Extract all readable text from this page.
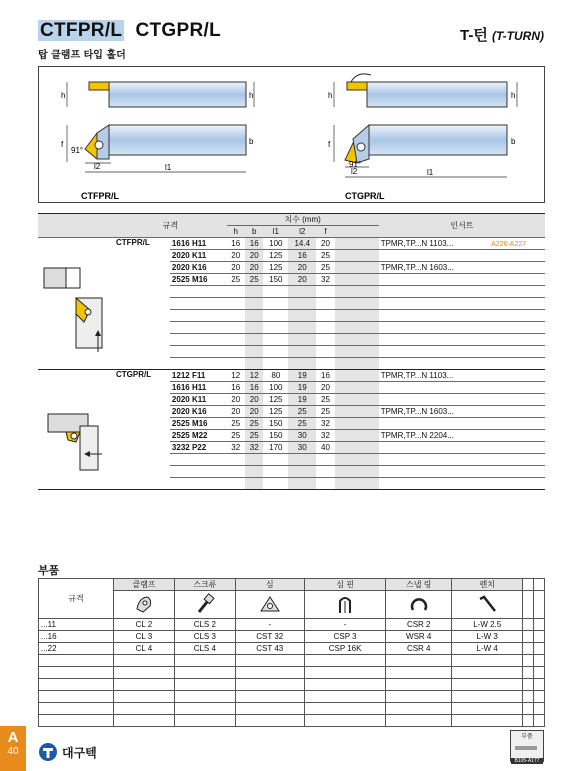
CTFPR/L CTGPR/L
탑 클램프 타입 홀더
T-턴 (T-TURN)
h	h
b
f
l1
l2
91°
h	h
b
f
l1
l2
91°
CTFPR/L	CTGPR/L
	규격		치수 (mm)						인서트	
			h	b	l1	l2	f			
	CTFPR/L	1616 H11	16	16	100	14.4	20		TPMR,TP...N 1103...	A226-A227
		2020 K11	20	20	125	16	25			
		2020 K16	20	20	125	20	25		TPMR,TP...N 1603...	
		2525 M16	25	25	150	20	32			

	CTGPR/L	1212 F11	12	12	80	19	16		TPMR,TP...N 1103...	
		1616 H11	16	16	100	19	20			
		2020 K11	20	20	125	19	25			
		2020 K16	20	20	125	25	25		TPMR,TP...N 1603...	
		2525 M16	25	25	150	25	32			
		2525 M22	25	25	150	30	32		TPMR,TP...N 2204...	
		3232 P22	32	32	170	30	40			

부품
규격	클램프	스크류	심	심 핀	스냅 링	렌치		

...11	CL 2	CLS 2	-	-	CSR 2	L-W 2.5		
...16	CL 3	CLS 3	CST 32	CSP 3	WSR 4	L-W 3		
...22	CL 4	CLS 4	CST 43	CSP 16K	CSR 4	L-W 4		

A
40	대구텍
부품
B105-A177
